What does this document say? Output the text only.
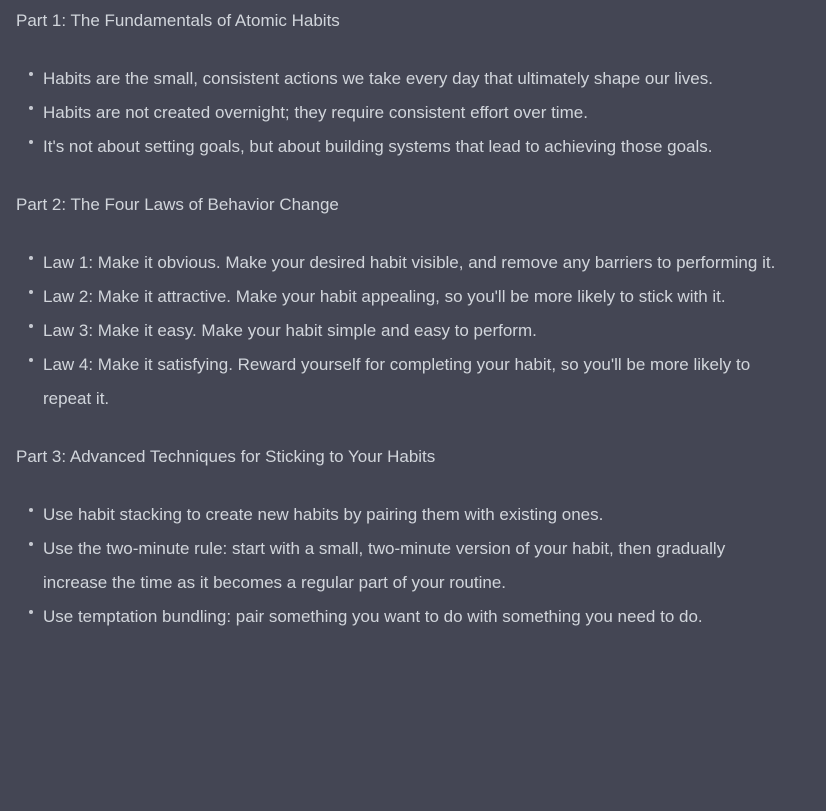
Part 1: The Fundamentals of Atomic Habits

Habits are the small, consistent actions we take every day that ultimately shape our lives.
Habits are not created overnight; they require consistent effort over time.
It's not about setting goals, but about building systems that lead to achieving those goals.

Part 2: The Four Laws of Behavior Change

Law 1: Make it obvious. Make your desired habit visible, and remove any barriers to performing it.
Law 2: Make it attractive. Make your habit appealing, so you'll be more likely to stick with it.
Law 3: Make it easy. Make your habit simple and easy to perform.
Law 4: Make it satisfying. Reward yourself for completing your habit, so you'll be more likely to repeat it.

Part 3: Advanced Techniques for Sticking to Your Habits

Use habit stacking to create new habits by pairing them with existing ones.
Use the two-minute rule: start with a small, two-minute version of your habit, then gradually increase the time as it becomes a regular part of your routine.
Use temptation bundling: pair something you want to do with something you need to do.
